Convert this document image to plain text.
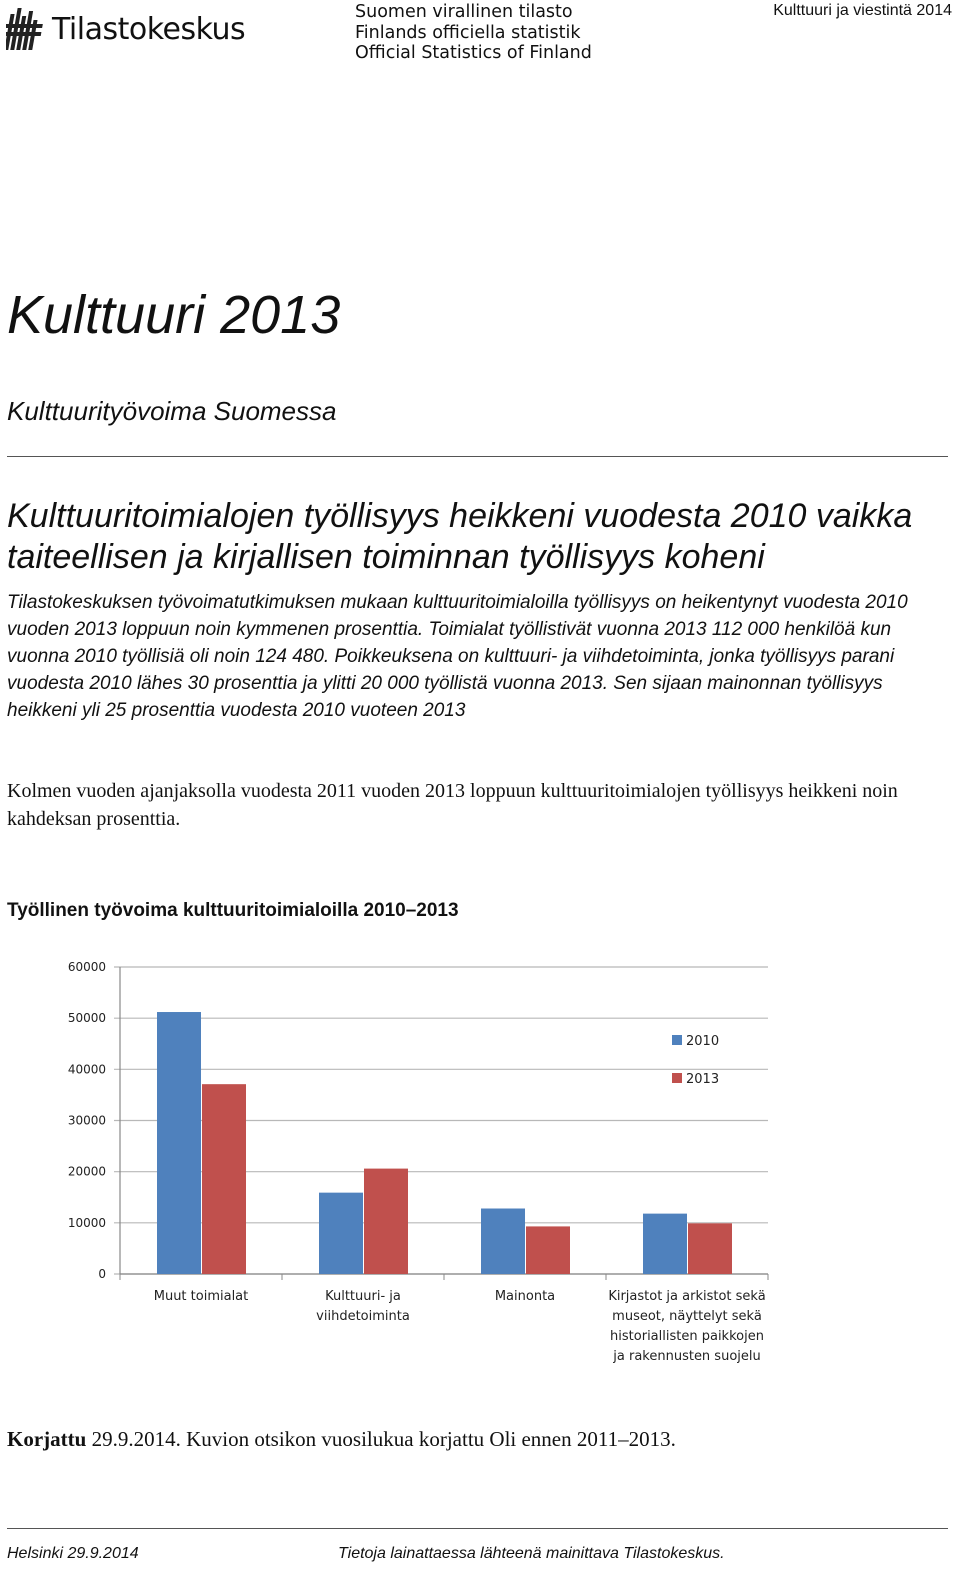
Tilastokeskus	Suomen virallinen tilasto
Finlands officiella statistik
Official Statistics of Finland
Kulttuuri ja viestintä 2014
Kulttuuri 2013
Kulttuurityövoima Suomessa
Kulttuuritoimialojen työllisyys heikkeni vuodesta 2010 vaikka taiteellisen ja kirjallisen toiminnan työllisyys koheni
Tilastokeskuksen työvoimatutkimuksen mukaan kulttuuritoimialoilla työllisyys on heikentynyt vuodesta 2010 vuoden 2013 loppuun noin kymmenen prosenttia. Toimialat työllistivät vuonna 2013 112 000 henkilöä kun vuonna 2010 työllisiä oli noin 124 480. Poikkeuksena on kulttuuri- ja viihdetoiminta, jonka työllisyys parani vuodesta 2010 lähes 30 prosenttia ja ylitti 20 000 työllistä vuonna 2013. Sen sijaan mainonnan työllisyys heikkeni yli 25 prosenttia vuodesta 2010 vuoteen 2013
Kolmen vuoden ajanjaksolla vuodesta 2011 vuoden 2013 loppuun kulttuuritoimialojen työllisyys heikkeni noin kahdeksan prosenttia.
Työllinen työvoima kulttuuritoimialoilla 2010–2013
0
10000
20000
30000
40000
50000
60000
Muut toimialat	Kulttuuri- ja
viihdetoiminta
Mainonta	Kirjastot ja arkistot sekä
museot, näyttelyt sekä
historiallisten paikkojen
ja rakennusten suojelu
2010
2013
Korjattu 29.9.2014. Kuvion otsikon vuosilukua korjattu Oli ennen 2011–2013.
Helsinki 29.9.2014	Tietoja lainattaessa lähteenä mainittava Tilastokeskus.
